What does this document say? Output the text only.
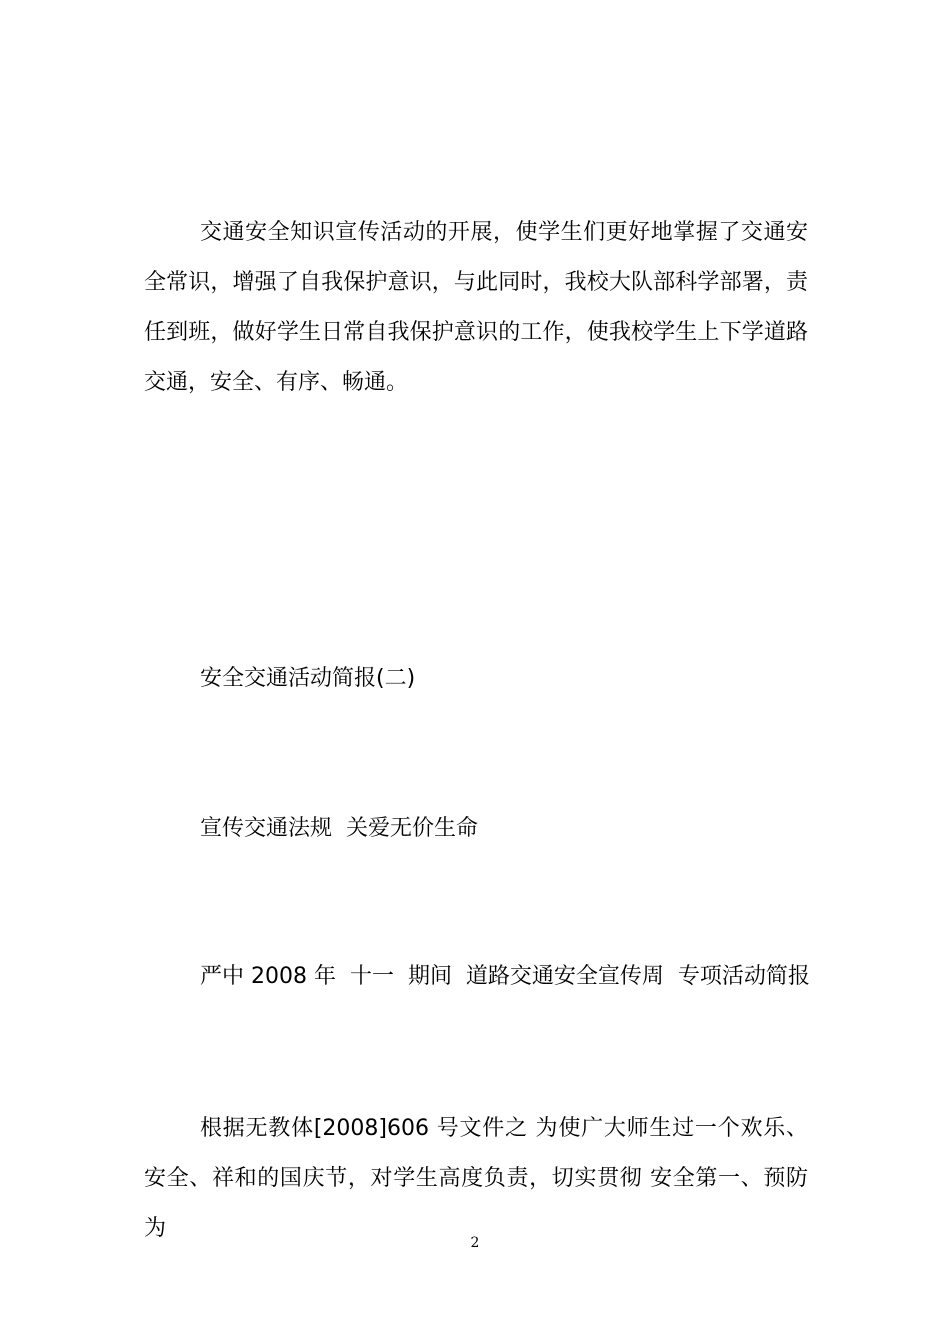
交通安全知识宣传活动的开展，使学生们更好地掌握了交通安全常识，增强了自我保护意识，与此同时，我校大队部科学部署，责任到班，做好学生日常自我保护意识的工作，使我校学生上下学道路交通，安全、有序、畅通。

安全交通活动简报(二)
宣传交通法规  关爱无价生命
严中 2008 年  十一  期间  道路交通安全宣传周  专项活动简报

根据无教体[2008]606 号文件之 为使广大师生过一个欢乐、安全、祥和的国庆节，对学生高度负责，切实贯彻 安全第一、预防为

2
